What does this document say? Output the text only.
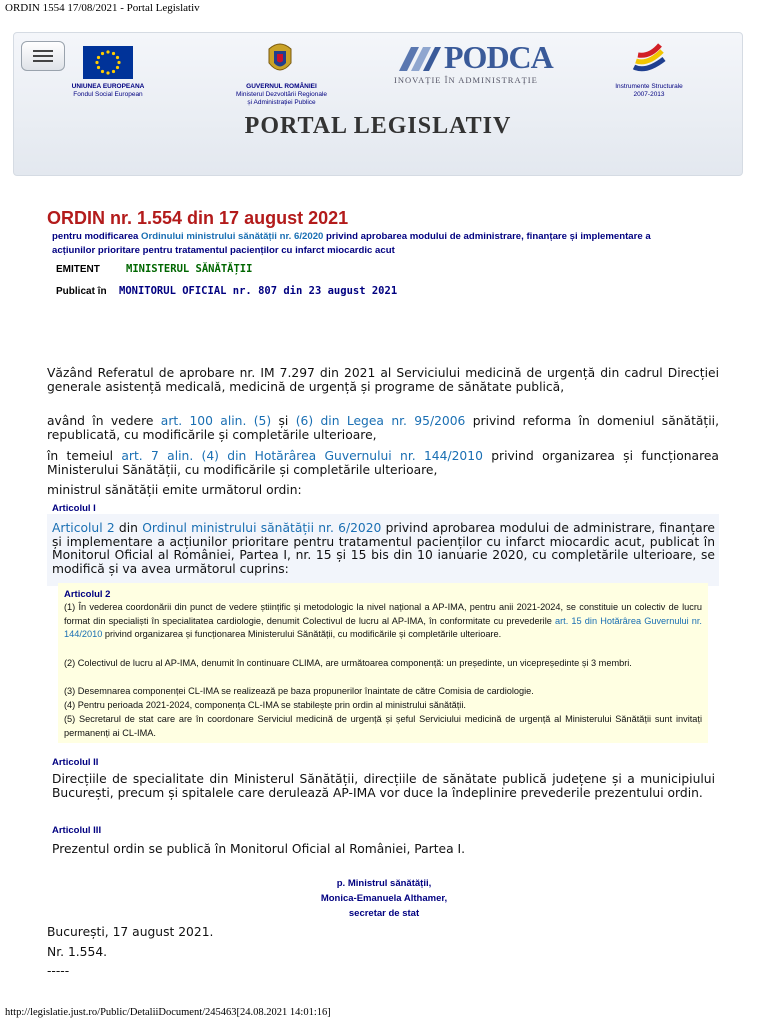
ORDIN 1554 17/08/2021 - Portal Legislativ
UNIUNEA EUROPEANA
Fondul Social European
GUVERNUL ROMÂNIEI
Ministerul Dezvoltării Regionale
și Administrației Publice
PODCA
INOVAȚIE ÎN ADMINISTRAȚIE
Instrumente Structurale
2007-2013
PORTAL LEGISLATIV
ORDIN nr. 1.554 din 17 august 2021
pentru modificarea Ordinului ministrului sănătății nr. 6/2020 privind aprobarea modului de administrare, finanțare și implementare a acțiunilor prioritare pentru tratamentul pacienților cu infarct miocardic acut
EMITENT MINISTERUL SĂNĂTĂȚII
Publicat în MONITORUL OFICIAL nr. 807 din 23 august 2021
Văzând Referatul de aprobare nr. IM 7.297 din 2021 al Serviciului medicină de urgență din cadrul Direcției generale asistență medicală, medicină de urgență și programe de sănătate publică,
având în vedere art. 100 alin. (5) și (6) din Legea nr. 95/2006 privind reforma în domeniul sănătății, republicată, cu modificările și completările ulterioare,
în temeiul art. 7 alin. (4) din Hotărârea Guvernului nr. 144/2010 privind organizarea și funcționarea Ministerului Sănătății, cu modificările și completările ulterioare,
ministrul sănătății emite următorul ordin:
Articolul I
Articolul 2 din Ordinul ministrului sănătății nr. 6/2020 privind aprobarea modului de administrare, finanțare și implementare a acțiunilor prioritare pentru tratamentul pacienților cu infarct miocardic acut, publicat în Monitorul Oficial al României, Partea I, nr. 15 și 15 bis din 10 ianuarie 2020, cu completările ulterioare, se modifică și va avea următorul cuprins:
Articolul 2
(1) În vederea coordonării din punct de vedere științific și metodologic la nivel național a AP-IMA, pentru anii 2021-2024, se constituie un colectiv de lucru format din specialiști în specialitatea cardiologie, denumit Colectivul de lucru al AP-IMA, în conformitate cu prevederile art. 15 din Hotărârea Guvernului nr. 144/2010 privind organizarea și funcționarea Ministerului Sănătății, cu modificările și completările ulterioare.
(2) Colectivul de lucru al AP-IMA, denumit în continuare CLIMA, are următoarea componență: un președinte, un vicepreședinte și 3 membri.
(3) Desemnarea componenței CL-IMA se realizează pe baza propunerilor înaintate de către Comisia de cardiologie.
(4) Pentru perioada 2021-2024, componența CL-IMA se stabilește prin ordin al ministrului sănătății.
(5) Secretarul de stat care are în coordonare Serviciul medicină de urgență și șeful Serviciului medicină de urgență al Ministerului Sănătății sunt invitați permanenți ai CL-IMA.
Articolul II
Direcțiile de specialitate din Ministerul Sănătății, direcțiile de sănătate publică județene și a municipiului București, precum și spitalele care derulează AP-IMA vor duce la îndeplinire prevederile prezentului ordin.
Articolul III
Prezentul ordin se publică în Monitorul Oficial al României, Partea I.
p. Ministrul sănătății,
Monica-Emanuela Althamer,
secretar de stat
București, 17 august 2021.
Nr. 1.554.
-----
http://legislatie.just.ro/Public/DetaliiDocument/245463[24.08.2021 14:01:16]
